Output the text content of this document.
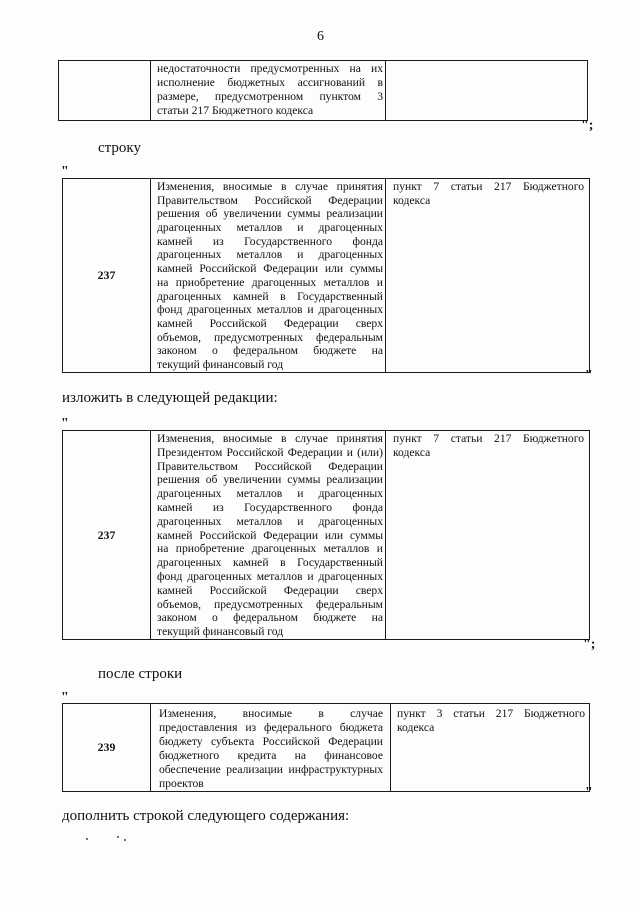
6
недостаточности предусмотренных на их
исполнение бюджетных ассигнований в
размере, предусмотренном пунктом 3
статьи 217 Бюджетного кодекса
";
строку
"
237
Изменения, вносимые в случае принятия
Правительством Российской Федерации
решения об увеличении суммы реализации
драгоценных металлов и драгоценных
камней из Государственного фонда
драгоценных металлов и драгоценных
камней Российской Федерации или суммы
на приобретение драгоценных металлов и
драгоценных камней в Государственный
фонд драгоценных металлов и драгоценных
камней Российской Федерации сверх
объемов, предусмотренных федеральным
законом о федеральном бюджете на
текущий финансовый год
пункт 7 статьи 217 Бюджетного
кодекса
"
изложить в следующей редакции:
"
237
Изменения, вносимые в случае принятия
Президентом Российской Федерации и (или)
Правительством Российской Федерации
решения об увеличении суммы реализации
драгоценных металлов и драгоценных
камней из Государственного фонда
драгоценных металлов и драгоценных
камней Российской Федерации или суммы
на приобретение драгоценных металлов и
драгоценных камней в Государственный
фонд драгоценных металлов и драгоценных
камней Российской Федерации сверх
объемов, предусмотренных федеральным
законом о федеральном бюджете на
текущий финансовый год
пункт 7 статьи 217 Бюджетного
кодекса
";
после строки
"
239
Изменения, вносимые в случае
предоставления из федерального бюджета
бюджету субъекта Российской Федерации
бюджетного кредита на финансовое
обеспечение реализации инфраструктурных
проектов
пункт 3 статьи 217 Бюджетного
кодекса
"
дополнить строкой следующего содержания:
